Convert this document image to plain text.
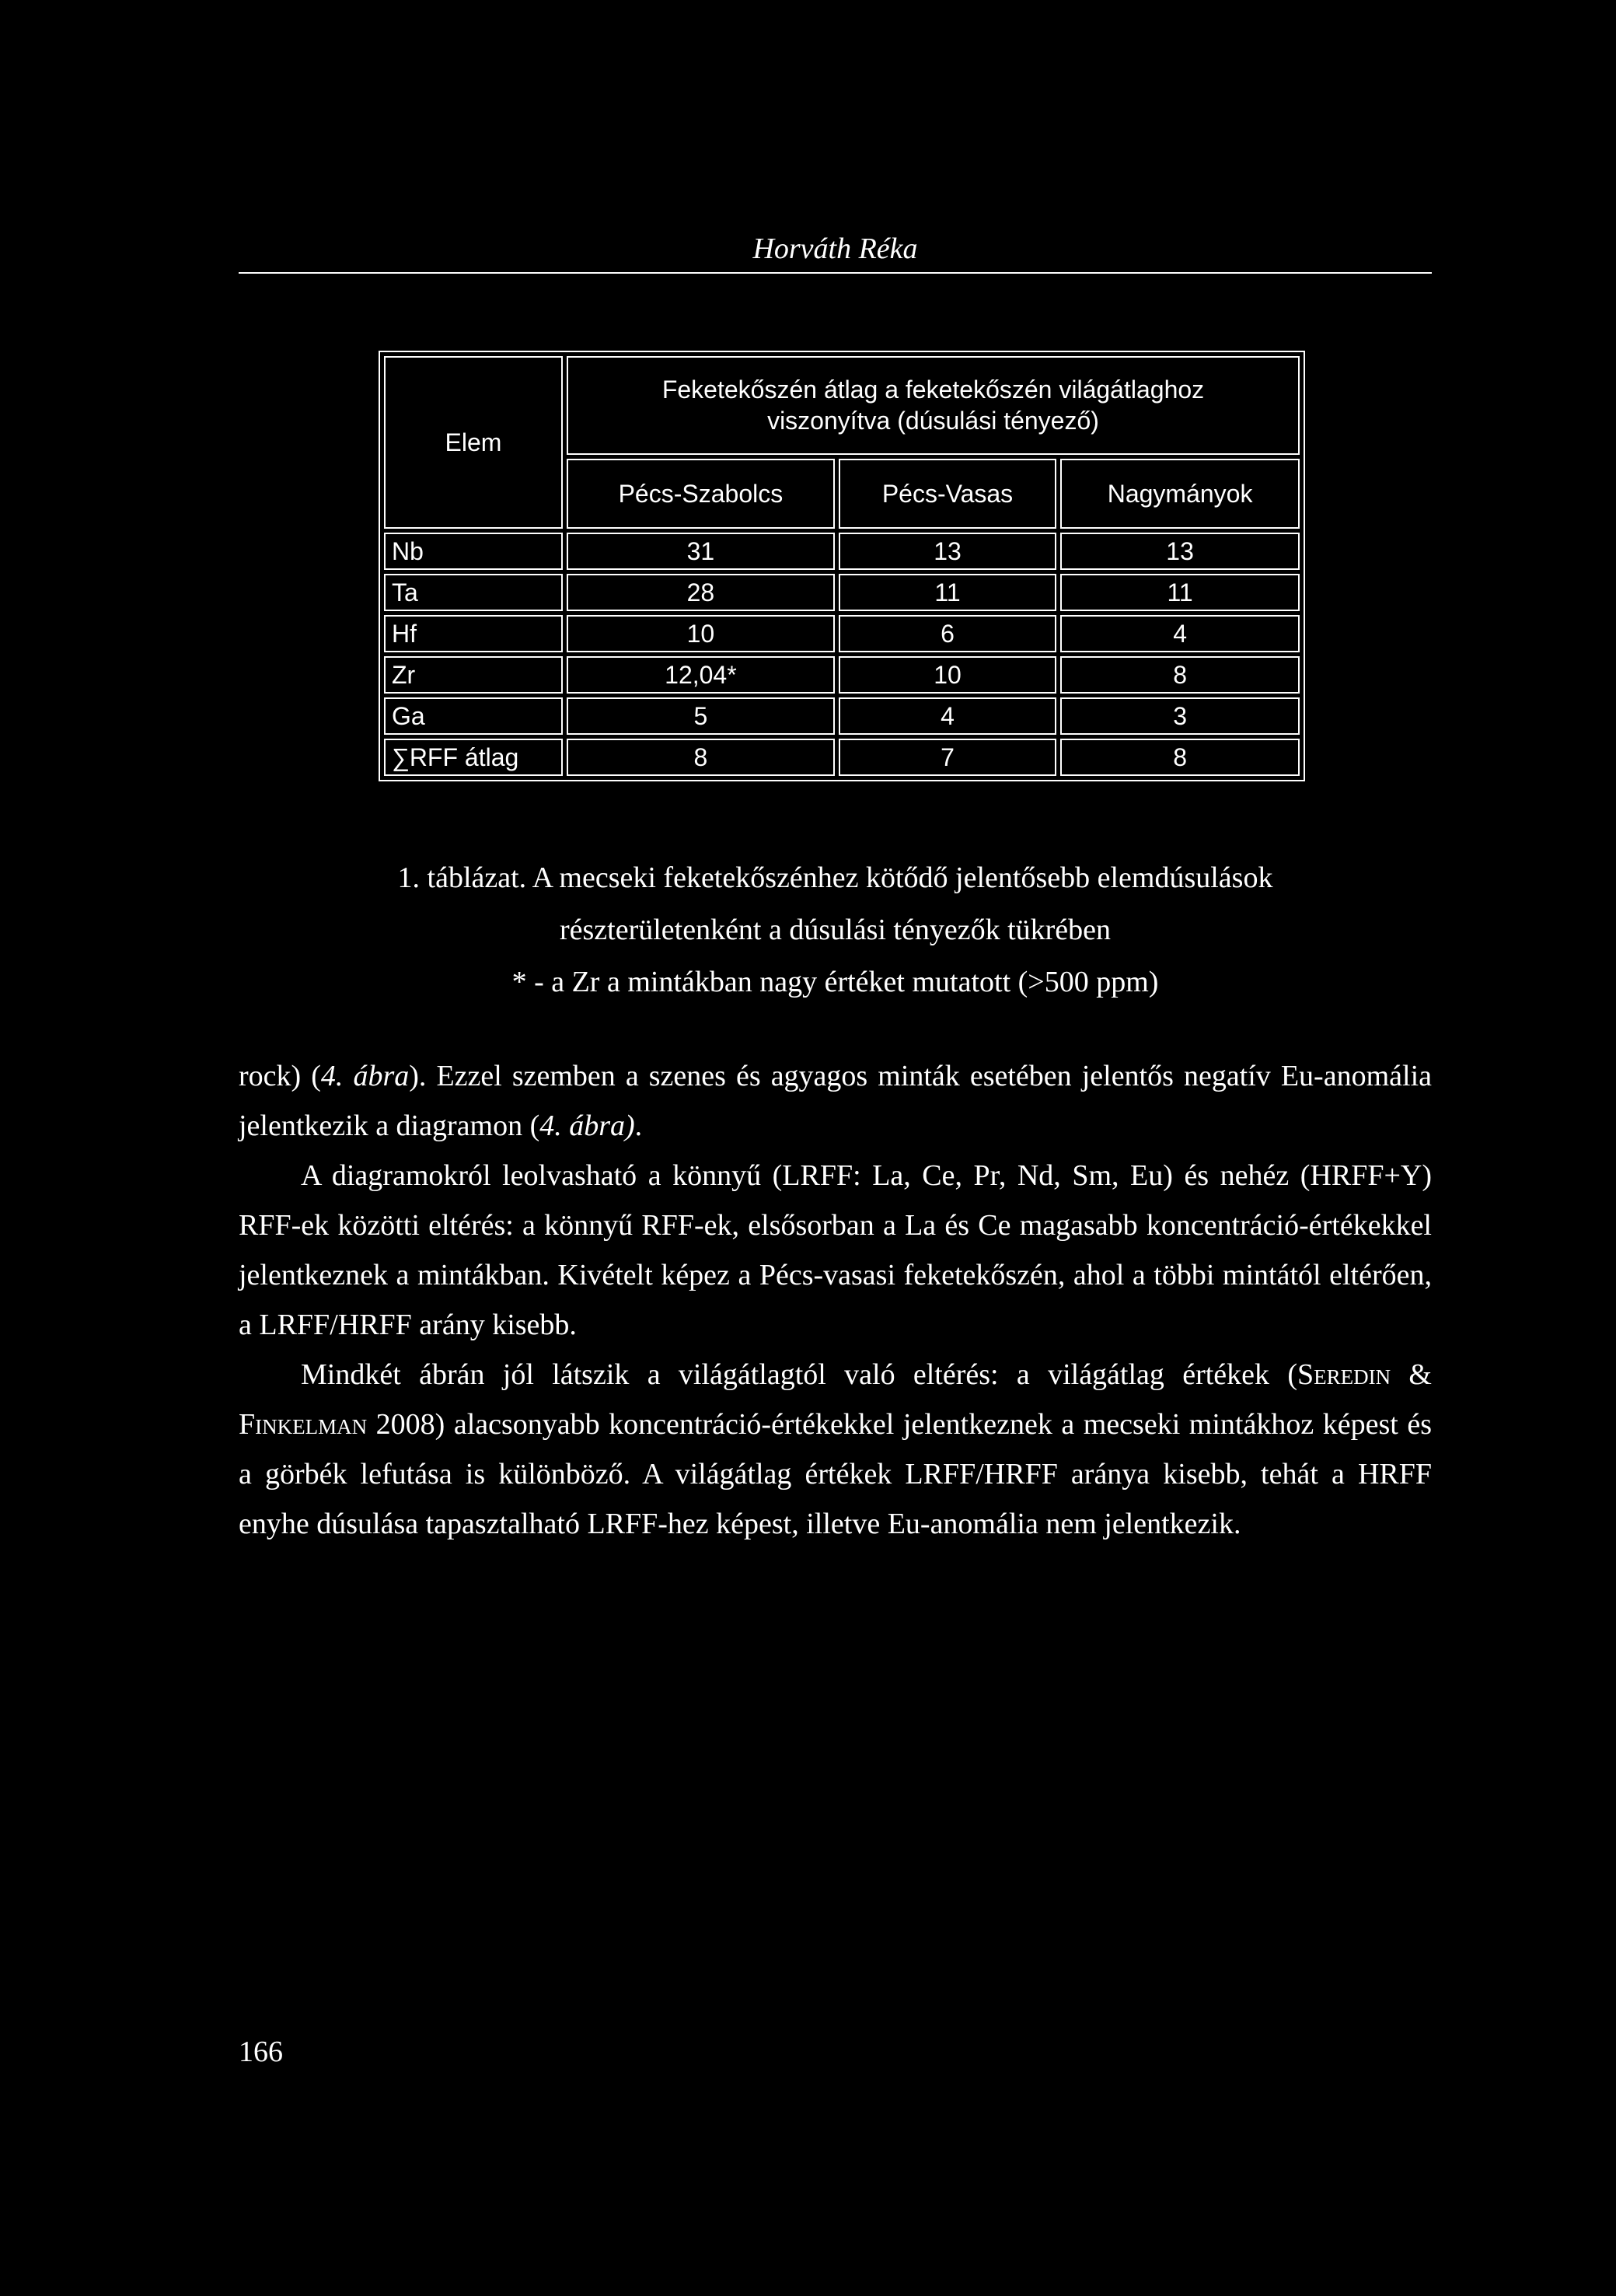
Horváth Réka
Elem	Feketekőszén átlag a feketekőszén világátlaghoz
viszonyítva (dúsulási tényező)		
	Pécs-Szabolcs	Pécs-Vasas	Nagymányok
Nb	31	13	13
Ta	28	11	11
Hf	10	6	4
Zr	12,04*	10	8
Ga	5	4	3
∑RFF átlag	8	7	8
1. táblázat. A mecseki feketekőszénhez kötődő jelentősebb elemdúsulások
részterületenként a dúsulási tényezők tükrében
* - a Zr a mintákban nagy értéket mutatott (>500 ppm)

rock) (4. ábra). Ezzel szemben a szenes és agyagos minták esetében jelentős negatív Eu-anomália jelentkezik a diagramon (4. ábra).

A diagramokról leolvasható a könnyű (LRFF: La, Ce, Pr, Nd, Sm, Eu) és nehéz (HRFF+Y) RFF-ek közötti eltérés: a könnyű RFF-ek, elsősorban a La és Ce magasabb koncentráció-értékekkel jelentkeznek a mintákban. Kivételt képez a Pécs-vasasi feketekőszén, ahol a többi mintától eltérően, a LRFF/HRFF arány kisebb.

Mindkét ábrán jól látszik a világátlagtól való eltérés: a világátlag értékek (Seredin & Finkelman 2008) alacsonyabb koncentráció-értékekkel jelentkeznek a mecseki mintákhoz képest és a görbék lefutása is különböző. A világátlag értékek LRFF/HRFF aránya kisebb, tehát a HRFF enyhe dúsulása tapasztalható LRFF-hez képest, illetve Eu-anomália nem jelentkezik.

166
